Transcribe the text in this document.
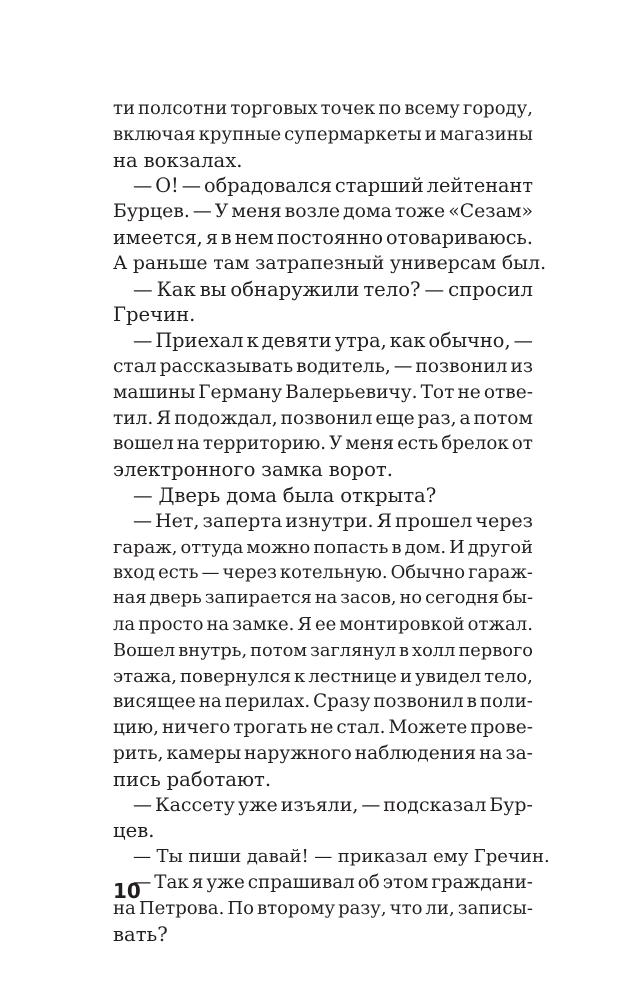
ти полсотни торговых точек по всему городу,
включая крупные супермаркеты и магазины
на вокзалах.
— О! — обрадовался старший лейтенант
Бурцев. — У меня возле дома тоже «Сезам»
имеется, я в нем постоянно отовариваюсь.
А раньше там затрапезный универсам был.
— Как вы обнаружили тело? — спросил
Гречин.
— Приехал к девяти утра, как обычно, —
стал рассказывать водитель, — позвонил из
машины Герману Валерьевичу. Тот не отве-
тил. Я подождал, позвонил еще раз, а потом
вошел на территорию. У меня есть брелок от
электронного замка ворот.
— Дверь дома была открыта?
— Нет, заперта изнутри. Я прошел через
гараж, оттуда можно попасть в дом. И другой
вход есть — через котельную. Обычно гараж-
ная дверь запирается на засов, но сегодня бы-
ла просто на замке. Я ее монтировкой отжал.
Вошел внутрь, потом заглянул в холл первого
этажа, повернулся к лестнице и увидел тело,
висящее на перилах. Сразу позвонил в поли-
цию, ничего трогать не стал. Можете прове-
рить, камеры наружного наблюдения на за-
пись работают.
— Кассету уже изъяли, — подсказал Бур-
цев.
— Ты пиши давай! — приказал ему Гречин.
— Так я уже спрашивал об этом граждани-
на Петрова. По второму разу, что ли, записы-
вать?
10
